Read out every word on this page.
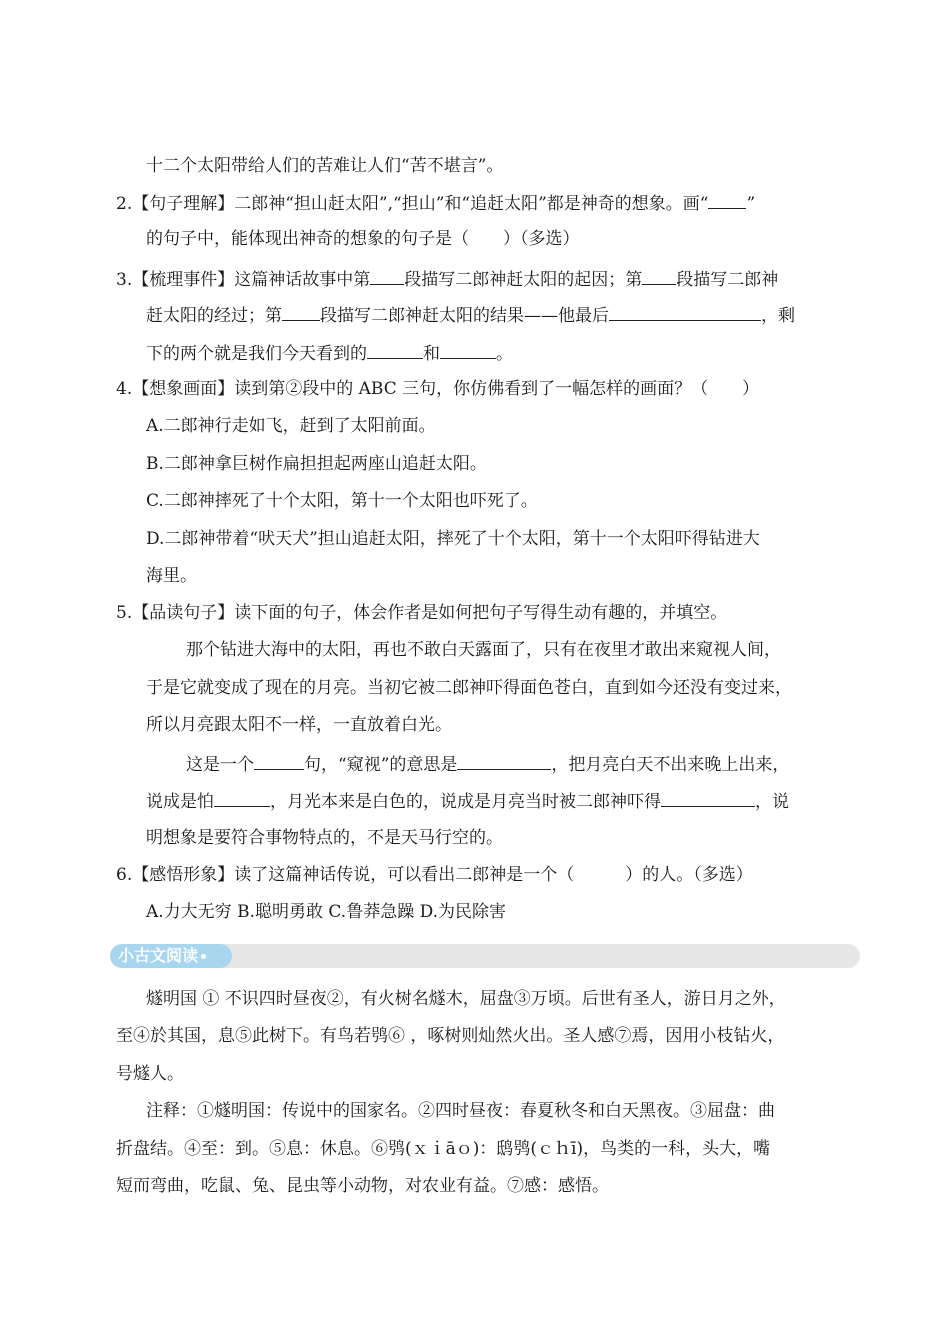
十二个太阳带给人们的苦难让人们“苦不堪言”。
2.【句子理解】二郎神“担山赶太阳”,“担山”和“追赶太阳”都是神奇的想象。画“ ”
的句子中，能体现出神奇的想象的句子是（　　）（多选）
3.【梳理事件】这篇神话故事中第 段描写二郎神赶太阳的起因；第 段描写二郎神
赶太阳的经过；第 段描写二郎神赶太阳的结果——他最后	，剩
下的两个就是我们今天看到的	和	。
4.【想象画面】读到第②段中的 ABC 三句，你仿佛看到了一幅怎样的画面？（　　）
A.二郎神行走如飞，赶到了太阳前面。
B.二郎神拿巨树作扁担担起两座山追赶太阳。
C.二郎神摔死了十个太阳，第十一个太阳也吓死了。
D.二郎神带着“吠天犬”担山追赶太阳，摔死了十个太阳，第十一个太阳吓得钻进大
海里。
5.【品读句子】读下面的句子，体会作者是如何把句子写得生动有趣的，并填空。
那个钻进大海中的太阳，再也不敢白天露面了，只有在夜里才敢出来窥视人间，
于是它就变成了现在的月亮。当初它被二郎神吓得面色苍白，直到如今还没有变过来，
所以月亮跟太阳不一样，一直放着白光。
这是一个	句，“窥视”的意思是	，把月亮白天不出来晚上出来，
说成是怕	，月光本来是白色的，说成是月亮当时被二郎神吓得	，说
明想象是要符合事物特点的，不是天马行空的。
6.【感悟形象】读了这篇神话传说，可以看出二郎神是一个（　　　）的人。（多选）
A.力大无穷 B.聪明勇敢 C.鲁莽急躁 D.为民除害
小古文阅读
燧明国 ① 不识四时昼夜②，有火树名燧木，屈盘③万顷。后世有圣人，游日月之外，
至④於其国，息⑤此树下。有鸟若鸮⑥ ，啄树则灿然火出。圣人感⑦焉，因用小枝钻火，
号燧人。
注释：①燧明国：传说中的国家名。②四时昼夜：春夏秋冬和白天黑夜。③屈盘：曲
折盘结。④至：到。⑤息：休息。⑥鸮(ｘｉāｏ)：鸱鸮(ｃｈī)，鸟类的一科，头大，嘴
短而弯曲，吃鼠、兔、昆虫等小动物，对农业有益。⑦感：感悟。
